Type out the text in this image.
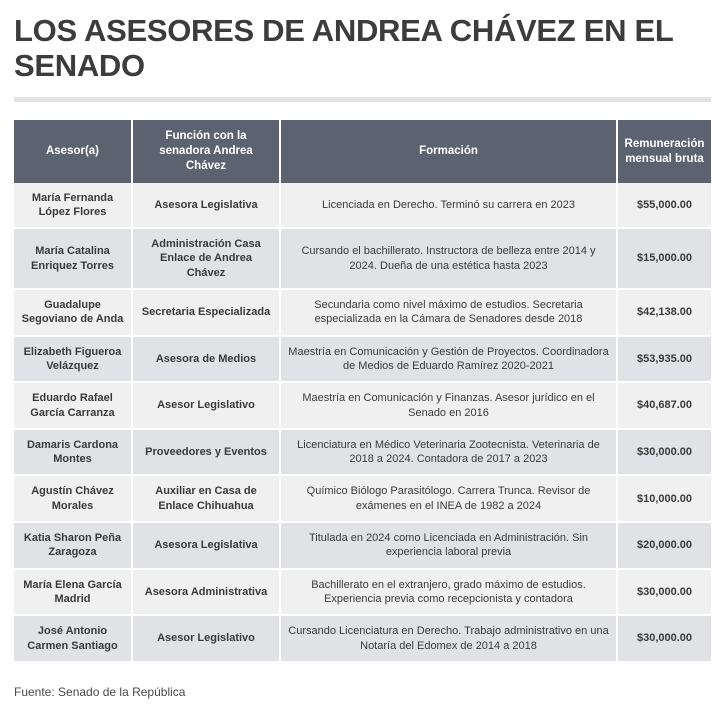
LOS ASESORES DE ANDREA CHÁVEZ EN EL SENADO
Asesor(a)	Función con la senadora Andrea Chávez	Formación	Remuneración mensual bruta
María Fernanda López Flores	Asesora Legislativa	Licenciada en Derecho. Terminó su carrera en 2023	$55,000.00
María Catalina Enriquez Torres	Administración Casa Enlace de Andrea Chávez	Cursando el bachillerato. Instructora de belleza entre 2014 y 2024. Dueña de una estética hasta 2023	$15,000.00
Guadalupe Segoviano de Anda	Secretaria Especializada	Secundaria como nivel máximo de estudios. Secretaria especializada en la Cámara de Senadores desde 2018	$42,138.00
Elizabeth Figueroa Velázquez	Asesora de Medios	Maestría en Comunicación y Gestión de Proyectos. Coordinadora de Medios de Eduardo Ramírez 2020-2021	$53,935.00
Eduardo Rafael García Carranza	Asesor Legislativo	Maestría en Comunicación y Finanzas. Asesor jurídico en el Senado en 2016	$40,687.00
Damaris Cardona Montes	Proveedores y Eventos	Licenciatura en Médico Veterinaria Zootecnista. Veterinaria de 2018 a 2024. Contadora de 2017 a 2023	$30,000.00
Agustín Chávez Morales	Auxiliar en Casa de Enlace Chihuahua	Químico Biólogo Parasitólogo. Carrera Trunca. Revisor de exámenes en el INEA de 1982 a 2024	$10,000.00
Katia Sharon Peña Zaragoza	Asesora Legislativa	Titulada en 2024 como Licenciada en Administración. Sin experiencia laboral previa	$20,000.00
María Elena García Madrid	Asesora Administrativa	Bachillerato en el extranjero, grado máximo de estudios. Experiencia previa como recepcionista y contadora	$30,000.00
José Antonio Carmen Santiago	Asesor Legislativo	Cursando Licenciatura en Derecho. Trabajo administrativo en una Notaría del Edomex de 2014 a 2018	$30,000.00
Fuente: Senado de la República
